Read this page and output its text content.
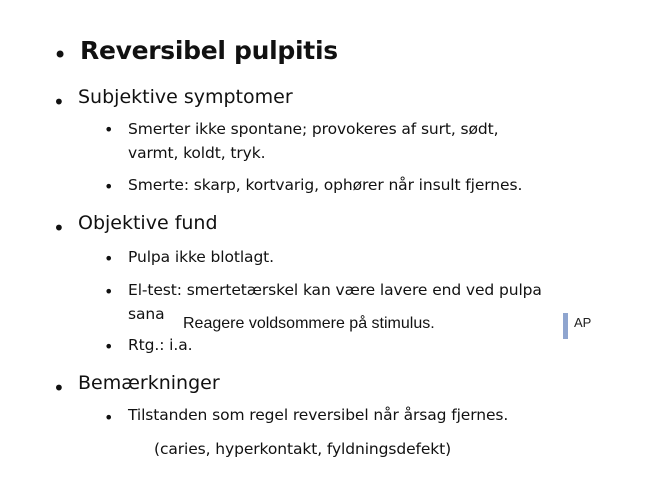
• Reversibel pulpitis
• Subjektive symptomer
• Smerter ikke spontane; provokeres af surt, sødt,
varmt, koldt, tryk.
• Smerte: skarp, kortvarig, ophører når insult fjernes.
• Objektive fund
• Pulpa ikke blotlagt.
• El-test: smertetærskel kan være lavere end ved pulpa
sana
• Rtg.: i.a.
• Bemærkninger
• Tilstanden som regel reversibel når årsag fjernes.
(caries, hyperkontakt, fyldningsdefekt)
Reagere voldsommere på stimulus.	AP
